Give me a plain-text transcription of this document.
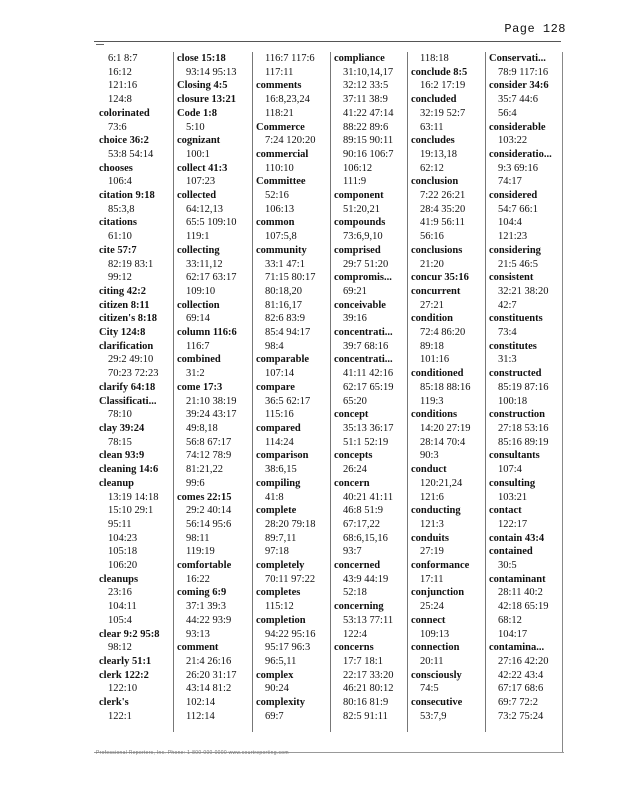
Page 128
6:1 8:7
16:12
121:16
124:8
colorinated
73:6
choice 36:2
53:8 54:14
chooses
106:4
citation 9:18
85:3,8
citations
61:10
cite 57:7
82:19 83:1
99:12
citing 42:2
citizen 8:11
citizen's 8:18
City 124:8
clarification
29:2 49:10
70:23 72:23
clarify 64:18
Classificati...
78:10
clay 39:24
78:15
clean 93:9
cleaning 14:6
cleanup
13:19 14:18
15:10 29:1
95:11
104:23
105:18
106:20
cleanups
23:16
104:11
105:4
clear 9:2 95:8
98:12
clearly 51:1
clerk 122:2
122:10
clerk's
122:1
close 15:18
93:14 95:13
Closing 4:5
closure 13:21
Code 1:8
5:10
cognizant
100:1
collect 41:3
107:23
collected
64:12,13
65:5 109:10
119:1
collecting
33:11,12
62:17 63:17
109:10
collection
69:14
column 116:6
116:7
combined
31:2
come 17:3
21:10 38:19
39:24 43:17
49:8,18
56:8 67:17
74:12 78:9
81:21,22
99:6
comes 22:15
29:2 40:14
56:14 95:6
98:11
119:19
comfortable
16:22
coming 6:9
37:1 39:3
44:22 93:9
93:13
comment
21:4 26:16
26:20 31:17
43:14 81:2
102:14
112:14
116:7 117:6
117:11
comments
16:8,23,24
118:21
Commerce
7:24 120:20
commercial
110:10
Committee
52:16
106:13
common
107:5,8
community
33:1 47:1
71:15 80:17
80:18,20
81:16,17
82:6 83:9
85:4 94:17
98:4
comparable
107:14
compare
36:5 62:17
115:16
compared
114:24
comparison
38:6,15
compiling
41:8
complete
28:20 79:18
89:7,11
97:18
completely
70:11 97:22
completes
115:12
completion
94:22 95:16
95:17 96:3
96:5,11
complex
90:24
complexity
69:7
compliance
31:10,14,17
32:12 33:5
37:11 38:9
41:22 47:14
88:22 89:6
89:15 90:11
90:16 106:7
106:12
111:9
component
51:20,21
compounds
73:6,9,10
comprised
29:7 51:20
compromis...
69:21
conceivable
39:16
concentrati...
39:7 68:16
concentrati...
41:11 42:16
62:17 65:19
65:20
concept
35:13 36:17
51:1 52:19
concepts
26:24
concern
40:21 41:11
46:8 51:9
67:17,22
68:6,15,16
93:7
concerned
43:9 44:19
52:18
concerning
53:13 77:11
122:4
concerns
17:7 18:1
22:17 33:20
46:21 80:12
80:16 81:9
82:5 91:11
118:18
conclude 8:5
16:2 17:19
concluded
32:19 52:7
63:11
concludes
19:13,18
62:12
conclusion
7:22 26:21
28:4 35:20
41:9 56:11
56:16
conclusions
21:20
concur 35:16
concurrent
27:21
condition
72:4 86:20
89:18
101:16
conditioned
85:18 88:16
119:3
conditions
14:20 27:19
28:14 70:4
90:3
conduct
120:21,24
121:6
conducting
121:3
conduits
27:19
conformance
17:11
conjunction
25:24
connect
109:13
connection
20:11
consciously
74:5
consecutive
53:7,9
Conservati...
78:9 117:16
consider 34:6
35:7 44:6
56:4
considerable
103:22
consideratio...
9:3 69:16
74:17
considered
54:7 66:1
104:4
121:23
considering
21:5 46:5
consistent
32:21 38:20
42:7
constituents
73:4
constitutes
31:3
constructed
85:19 87:16
100:18
construction
27:18 53:16
85:16 89:19
consultants
107:4
consulting
103:21
contact
122:17
contain 43:4
contained
30:5
contaminant
28:11 40:2
42:18 65:19
68:12
104:17
contamina...
27:16 42:20
42:22 43:4
67:17 68:6
69:7 72:2
73:2 75:24
Professional Reporters, Inc. Phone: 1-800-000-0000 www.courtreporting.com
